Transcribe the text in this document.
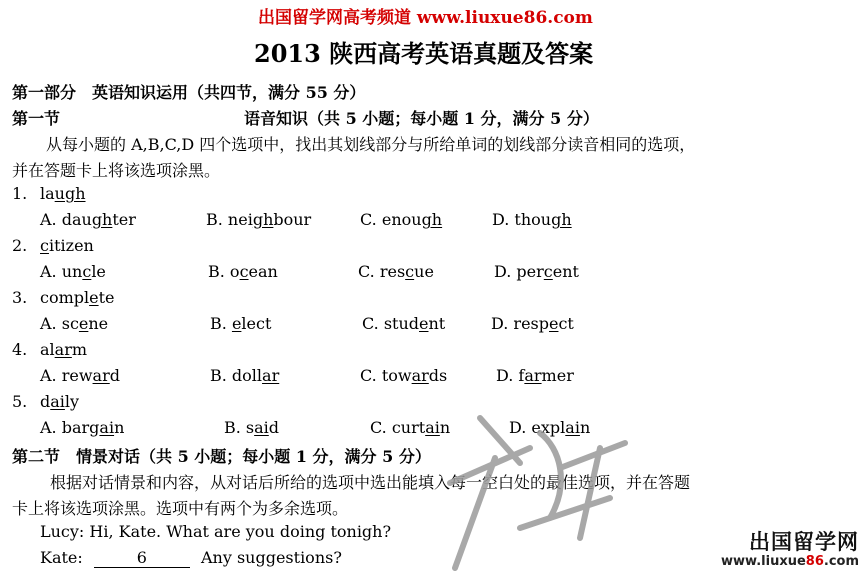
出国留学网高考频道 www.liuxue86.com
2013 陕西高考英语真题及答案
第一部分　英语知识运用（共四节，满分 55 分）
第一节	语音知识（共 5 小题；每小题 1 分，满分 5 分）
从每小题的 A,B,C,D 四个选项中，找出其划线部分与所给单词的划线部分读音相同的选项，
并在答题卡上将该选项涂黑。
1. laugh
A. daughter	B. neighbour	C. enough	D. though
2. citizen
A. uncle	B. ocean	C. rescue	D. percent
3. complete
A. scene	B. elect	C. student	D. respect
4. alarm
A. reward	B. dollar	C. towards	D. farmer
5. daily
A. bargain	B. said	C. curtain	D. explain
第二节　情景对话（共 5 小题；每小题 1 分，满分 5 分）
根据对话情景和内容，从对话后所给的选项中选出能填入每一空白处的最佳选项，并在答题
卡上将该选项涂黑。选项中有两个为多余选项。
Lucy: Hi, Kate. What are you doing tonigh?
Kate:	6	Any suggestions?
出国留学网
www.liuxue86.com
